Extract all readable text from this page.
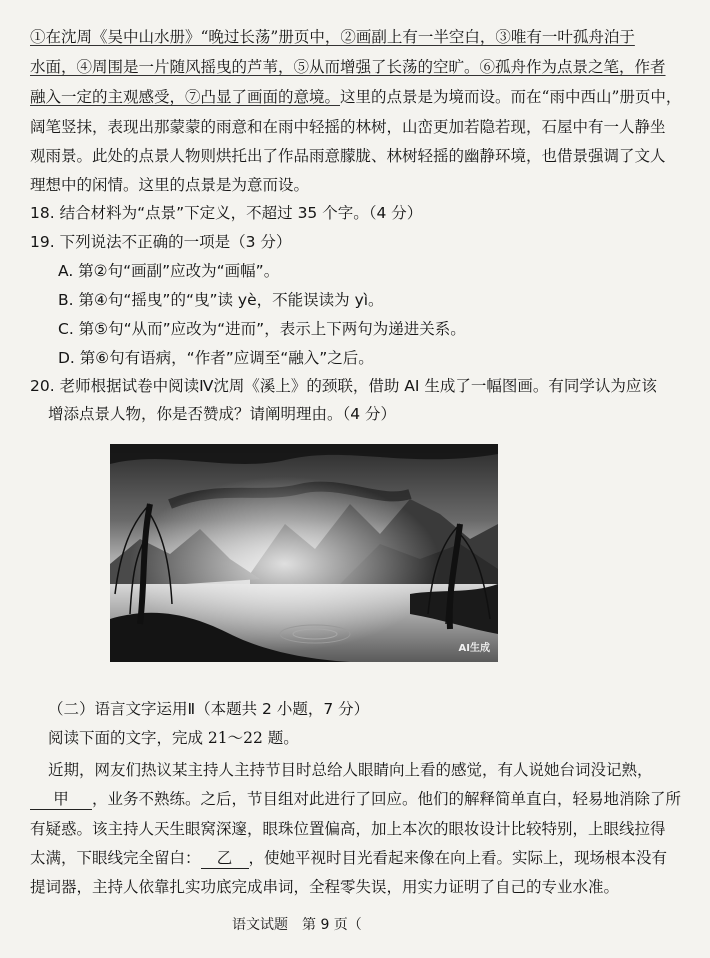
①在沈周《吴中山水册》“晚过长荡”册页中，②画副上有一半空白，③唯有一叶孤舟泊于
水面，④周围是一片随风摇曳的芦苇，⑤从而增强了长荡的空旷。⑥孤舟作为点景之笔，作者
融入一定的主观感受，⑦凸显了画面的意境。这里的点景是为境而设。而在“雨中西山”册页中，
阔笔竖抹，表现出那蒙蒙的雨意和在雨中轻摇的林树，山峦更加若隐若现，石屋中有一人静坐
观雨景。此处的点景人物则烘托出了作品雨意朦胧、林树轻摇的幽静环境，也借景强调了文人
理想中的闲情。这里的点景是为意而设。
18. 结合材料为“点景”下定义，不超过 35 个字。（4 分）
19. 下列说法不正确的一项是（3 分）
A. 第②句“画副”应改为“画幅”。
B. 第④句“摇曳”的“曳”读 yè，不能误读为 yì。
C. 第⑤句“从而”应改为“进而”，表示上下两句为递进关系。
D. 第⑥句有语病，“作者”应调至“融入”之后。
20. 老师根据试卷中阅读Ⅳ沈周《溪上》的颈联，借助 AI 生成了一幅图画。有同学认为应该
增添点景人物，你是否赞成？请阐明理由。（4 分）
AI生成
（二）语言文字运用Ⅱ（本题共 2 小题，7 分）
阅读下面的文字，完成 21～22 题。
近期，网友们热议某主持人主持节目时总给人眼睛向上看的感觉，有人说她台词没记熟，
甲 ，业务不熟练。之后，节目组对此进行了回应。他们的解释简单直白，轻易地消除了所
有疑惑。该主持人天生眼窝深邃，眼珠位置偏高，加上本次的眼妆设计比较特别，上眼线拉得
太满，下眼线完全留白： 乙 ，使她平视时目光看起来像在向上看。实际上，现场根本没有
提词器，主持人依靠扎实功底完成串词，全程零失误，用实力证明了自己的专业水准。
语文试题　第 9 页（
